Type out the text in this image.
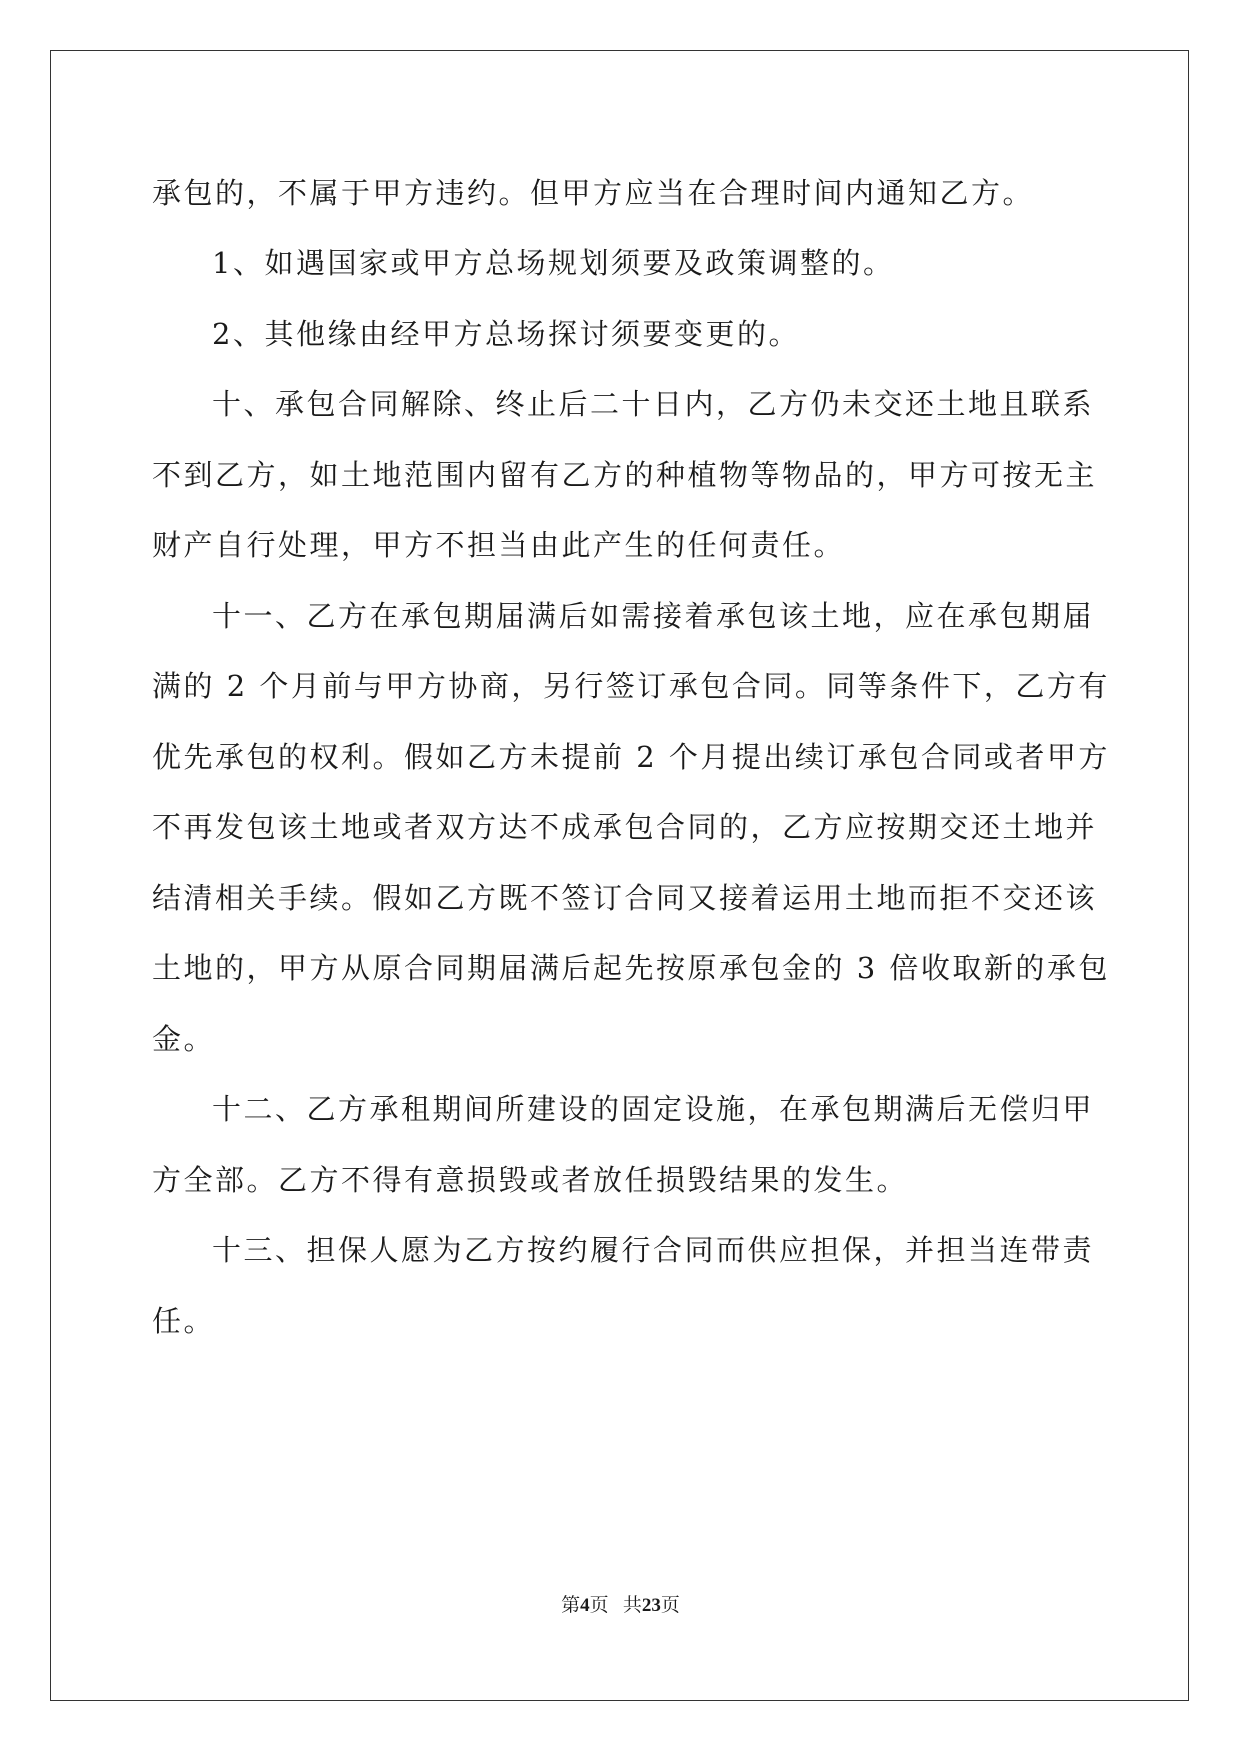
承包的，不属于甲方违约。但甲方应当在合理时间内通知乙方。
1、如遇国家或甲方总场规划须要及政策调整的。
2、其他缘由经甲方总场探讨须要变更的。
十、承包合同解除、终止后二十日内，乙方仍未交还土地且联系
不到乙方，如土地范围内留有乙方的种植物等物品的，甲方可按无主
财产自行处理，甲方不担当由此产生的任何责任。
十一、乙方在承包期届满后如需接着承包该土地，应在承包期届
满的 2 个月前与甲方协商，另行签订承包合同。同等条件下，乙方有
优先承包的权利。假如乙方未提前 2 个月提出续订承包合同或者甲方
不再发包该土地或者双方达不成承包合同的，乙方应按期交还土地并
结清相关手续。假如乙方既不签订合同又接着运用土地而拒不交还该
土地的，甲方从原合同期届满后起先按原承包金的 3 倍收取新的承包
金。
十二、乙方承租期间所建设的固定设施，在承包期满后无偿归甲
方全部。乙方不得有意损毁或者放任损毁结果的发生。
十三、担保人愿为乙方按约履行合同而供应担保，并担当连带责
任。
第4页 共23页
